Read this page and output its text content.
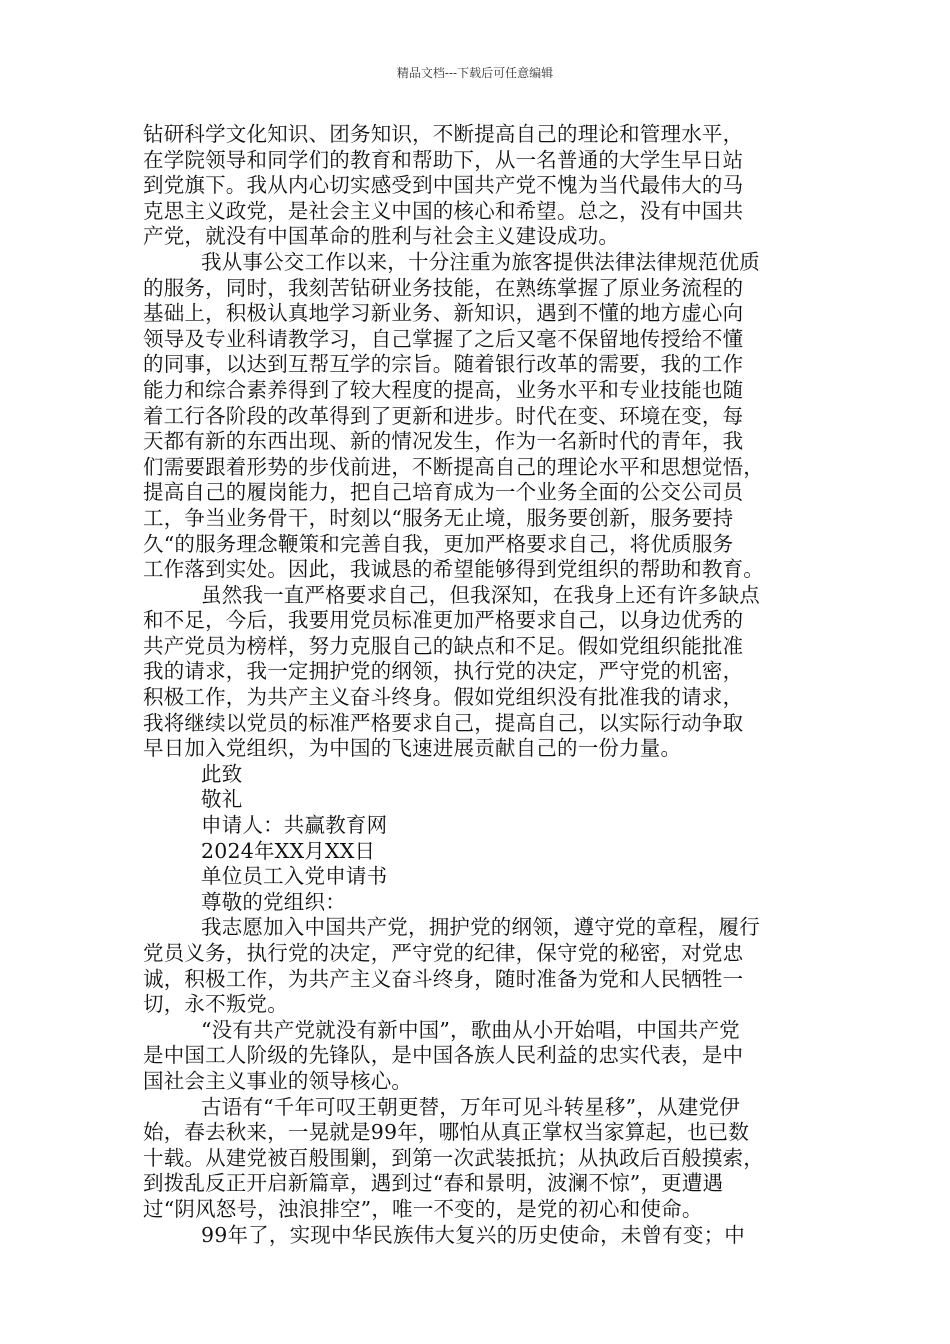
精品文档---下载后可任意编辑
钻研科学文化知识、团务知识，不断提高自己的理论和管理水平，
在学院领导和同学们的教育和帮助下，从一名普通的大学生早日站
到党旗下。我从内心切实感受到中国共产党不愧为当代最伟大的马
克思主义政党，是社会主义中国的核心和希望。总之，没有中国共
产党，就没有中国革命的胜利与社会主义建设成功。
我从事公交工作以来，十分注重为旅客提供法律法律规范优质
的服务，同时，我刻苦钻研业务技能，在熟练掌握了原业务流程的
基础上，积极认真地学习新业务、新知识，遇到不懂的地方虚心向
领导及专业科请教学习，自己掌握了之后又毫不保留地传授给不懂
的同事，以达到互帮互学的宗旨。随着银行改革的需要，我的工作
能力和综合素养得到了较大程度的提高，业务水平和专业技能也随
着工行各阶段的改革得到了更新和进步。时代在变、环境在变，每
天都有新的东西出现、新的情况发生，作为一名新时代的青年，我
们需要跟着形势的步伐前进，不断提高自己的理论水平和思想觉悟，
提高自己的履岗能力，把自己培育成为一个业务全面的公交公司员
工，争当业务骨干，时刻以“服务无止境，服务要创新，服务要持
久“的服务理念鞭策和完善自我，更加严格要求自己，将优质服务
工作落到实处。因此，我诚恳的希望能够得到党组织的帮助和教育。
虽然我一直严格要求自己，但我深知，在我身上还有许多缺点
和不足，今后，我要用党员标准更加严格要求自己，以身边优秀的
共产党员为榜样，努力克服自己的缺点和不足。假如党组织能批准
我的请求，我一定拥护党的纲领，执行党的决定，严守党的机密，
积极工作，为共产主义奋斗终身。假如党组织没有批准我的请求，
我将继续以党员的标准严格要求自己，提高自己，以实际行动争取
早日加入党组织，为中国的飞速进展贡献自己的一份力量。
此致
敬礼
申请人：共赢教育网
2024年XX月XX日
单位员工入党申请书
尊敬的党组织：
我志愿加入中国共产党，拥护党的纲领，遵守党的章程，履行
党员义务，执行党的决定，严守党的纪律，保守党的秘密，对党忠
诚，积极工作，为共产主义奋斗终身，随时准备为党和人民牺牲一
切，永不叛党。
“没有共产党就没有新中国”，歌曲从小开始唱，中国共产党
是中国工人阶级的先锋队，是中国各族人民利益的忠实代表，是中
国社会主义事业的领导核心。
古语有“千年可叹王朝更替，万年可见斗转星移”，从建党伊
始，春去秋来，一晃就是99年，哪怕从真正掌权当家算起，也已数
十载。从建党被百般围剿，到第一次武装抵抗；从执政后百般摸索，
到拨乱反正开启新篇章，遇到过“春和景明，波澜不惊”，更遭遇
过“阴风怒号，浊浪排空”，唯一不变的，是党的初心和使命。
99年了，实现中华民族伟大复兴的历史使命，未曾有变；中
